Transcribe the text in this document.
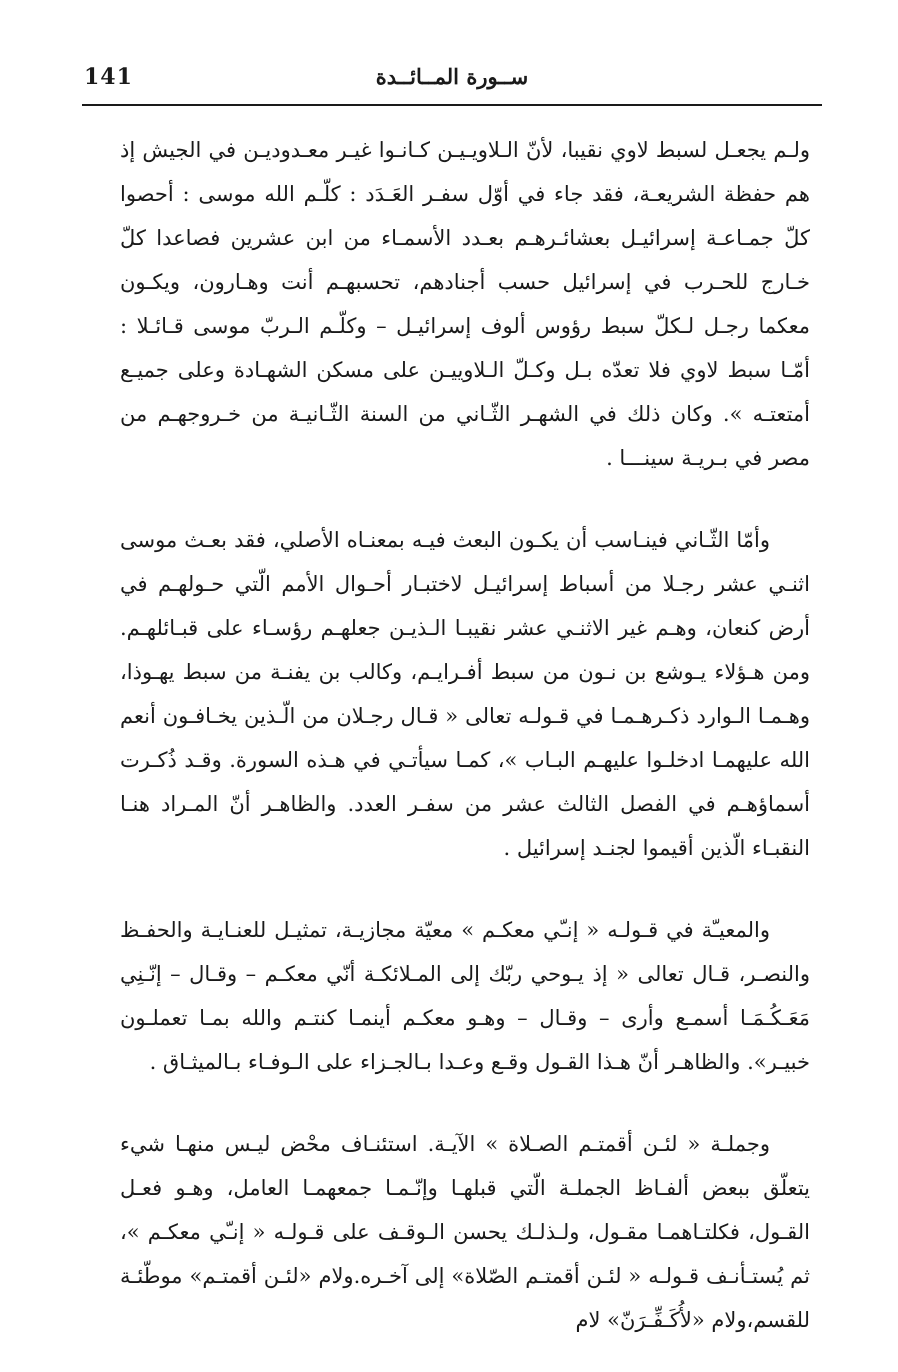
141	ســورة المــائــدة

ولـم يجعـل لسبط لاوي نقيبا، لأنّ الـلاويـيـن كـانـوا غيـر معـدوديـن في الجيش إذ هم حفظة الشريعـة، فقد جاء في أوّل سفـر العَـدَد : كلّـم الله موسى : أحصوا كلّ جمـاعـة إسرائيـل بعشائـرهـم بعـدد الأسمـاء من ابن عشرين فصاعدا كلّ خـارج للحـرب في إسرائيل حسب أجنادهم، تحسبهـم أنت وهـارون، ويكـون معكما رجـل لـكلّ سبط رؤوس ألوف إسرائيـل – وكلّـم الـربّ موسى قـائـلا : أمّـا سبط لاوي فلا تعدّه بـل وكـلّ الـلاوييـن على مسكن الشهـادة وعلى جميـع أمتعتـه ». وكان ذلك في الشهـر الثّـاني من السنة الثّـانيـة من خـروجهـم من مصر في بـريـة سينـــا .

وأمّا الثّـاني فينـاسب أن يكـون البعث فيـه بمعنـاه الأصلي، فقد بعـث موسى اثنـي عشر رجـلا من أسباط إسرائيـل لاختبـار أحـوال الأمم الّتي حـولهـم في أرض كنعان، وهـم غير الاثنـي عشر نقيبـا الـذيـن جعلهـم رؤسـاء على قبـائلهـم. ومن هـؤلاء يـوشع بن نـون من سبط أفـرايـم، وكالب بن يفنـة من سبط يهـوذا، وهـمـا الـوارد ذكـرهـمـا في قـولـه تعالى « قـال رجـلان من الّـذين يخـافـون أنعم الله عليهمـا ادخلـوا عليهـم البـاب »، كمـا سيأتـي في هـذه السورة. وقـد ذُكـرت أسماؤهـم في الفصل الثالث عشر من سفـر العدد. والظاهـر أنّ المـراد هنـا النقبـاء الّذين أقيموا لجنـد إسرائيل .

والمعيـّة في قـولـه « إنـّي معكـم » معيّة مجازيـة، تمثيـل للعنـايـة والحفـظ والنصـر، قـال تعالى « إذ يـوحي ربّك إلى المـلائكـة أنّي معكـم – وقـال – إنّـنِي مَعَـكُـمَـا أسمـع وأرى – وقـال – وهـو معكـم أينمـا كنتـم والله بمـا تعملـون خبيـر». والظاهـر أنّ هـذا القـول وقـع وعـدا بـالجـزاء على الـوفـاء بـالميثـاق .

وجملـة « لئـن أقمتـم الصـلاة » الآيـة. استئنـاف محْض ليـس منهـا شيء يتعلّق ببعض ألفـاظ الجملـة الّتي قبلهـا وإنّـمـا جمعهمـا العامل، وهـو فعـل القـول، فكلتـاهمـا مقـول، ولـذلـك يحسن الـوقـف على قـولـه « إنـّي معكـم »، ثم يُستـأنـف قـولـه « لئـن أقمتـم الصّلاة» إلى آخـره.ولام «لئـن أقمتـم» موطّئـة للقسم،ولام «لأُكَـفِّـرَنّ» لام
